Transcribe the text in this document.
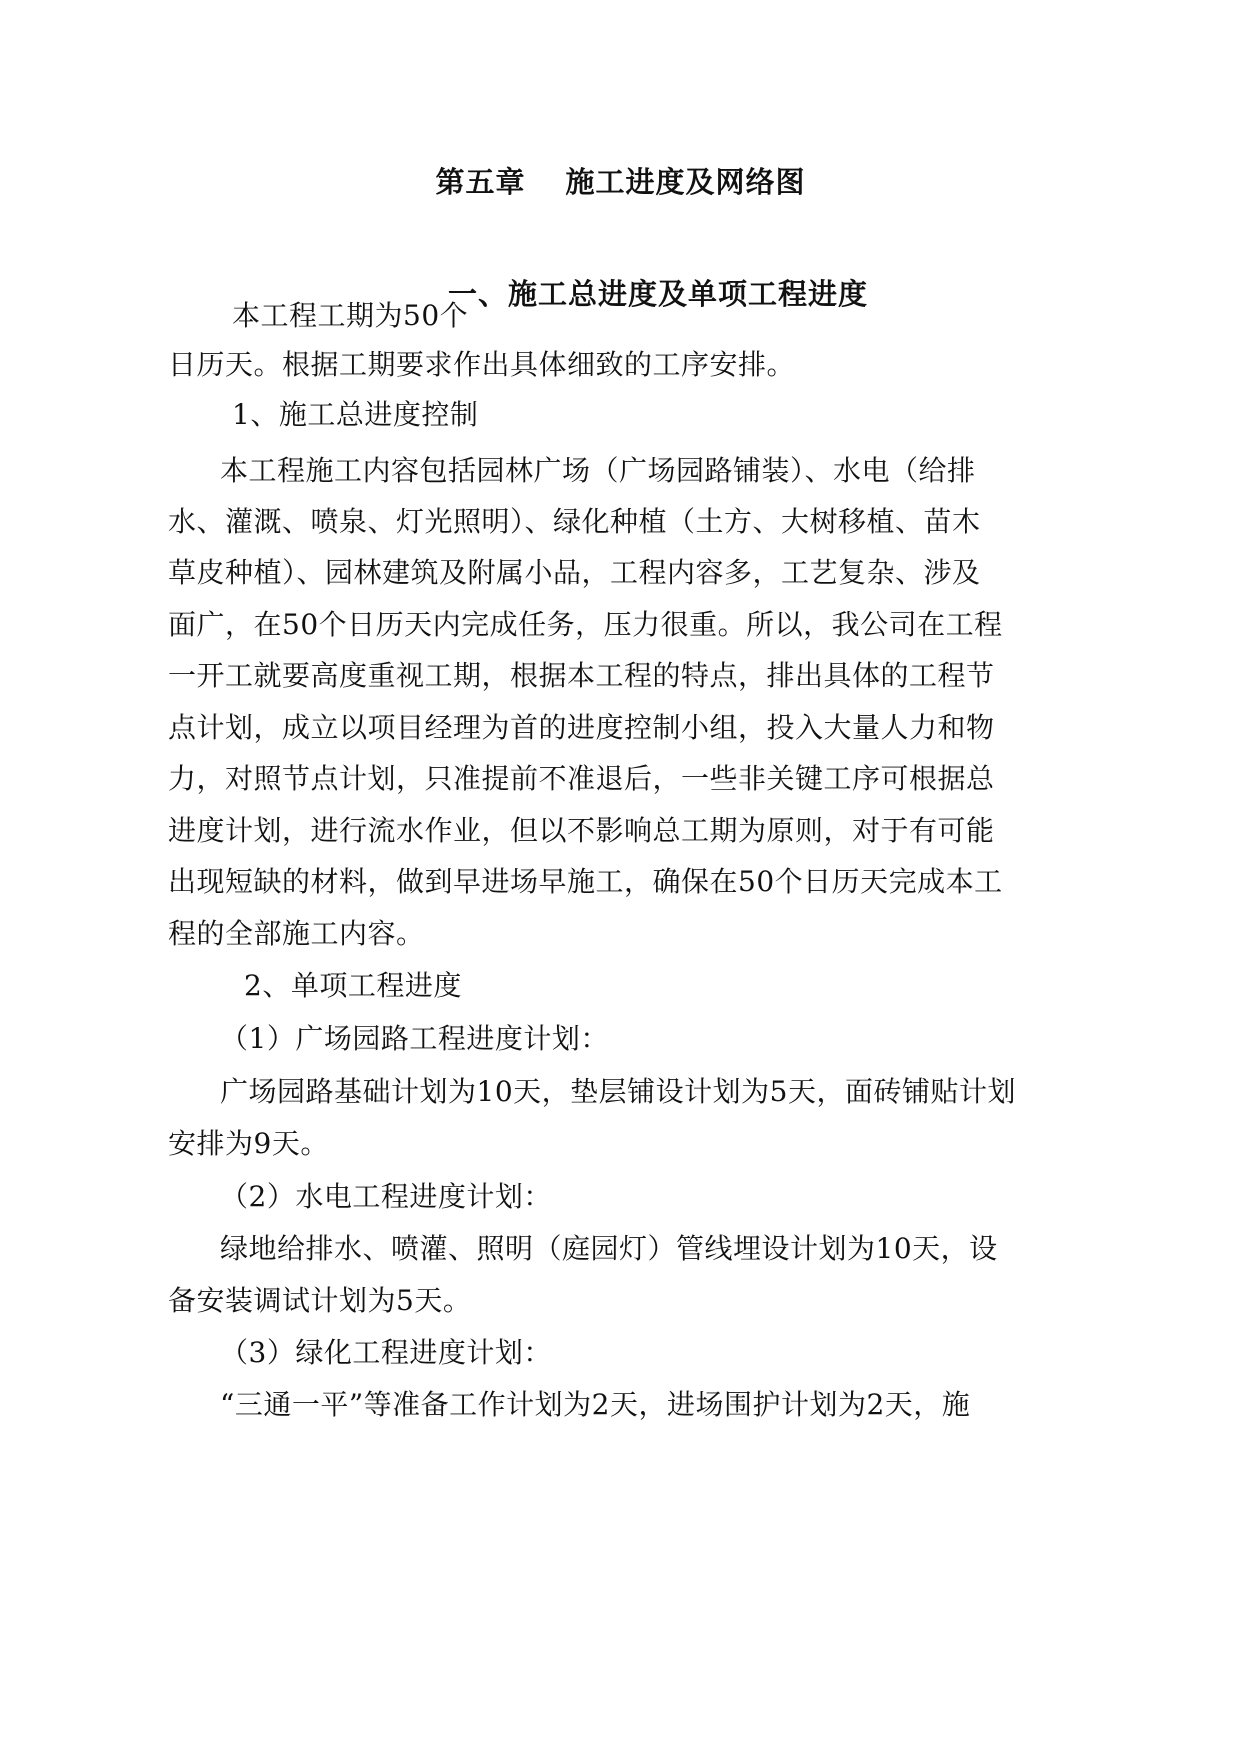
第五章 施工进度及网络图
一、施工总进度及单项工程进度
本工程工期为50个
日历天。根据工期要求作出具体细致的工序安排。
1、施工总进度控制
本工程施工内容包括园林广场（广场园路铺装）、水电（给排
水、灌溉、喷泉、灯光照明）、绿化种植（土方、大树移植、苗木
草皮种植）、园林建筑及附属小品，工程内容多，工艺复杂、涉及
面广，在50个日历天内完成任务，压力很重。所以，我公司在工程
一开工就要高度重视工期，根据本工程的特点，排出具体的工程节
点计划，成立以项目经理为首的进度控制小组，投入大量人力和物
力，对照节点计划，只准提前不准退后，一些非关键工序可根据总
进度计划，进行流水作业，但以不影响总工期为原则，对于有可能
出现短缺的材料，做到早进场早施工，确保在50个日历天完成本工
程的全部施工内容。
2、单项工程进度
（1）广场园路工程进度计划：
广场园路基础计划为10天，垫层铺设计划为5天，面砖铺贴计划
安排为9天。
（2）水电工程进度计划：
绿地给排水、喷灌、照明（庭园灯）管线埋设计划为10天，设
备安装调试计划为5天。
（3）绿化工程进度计划：
“三通一平”等准备工作计划为2天，进场围护计划为2天，施
